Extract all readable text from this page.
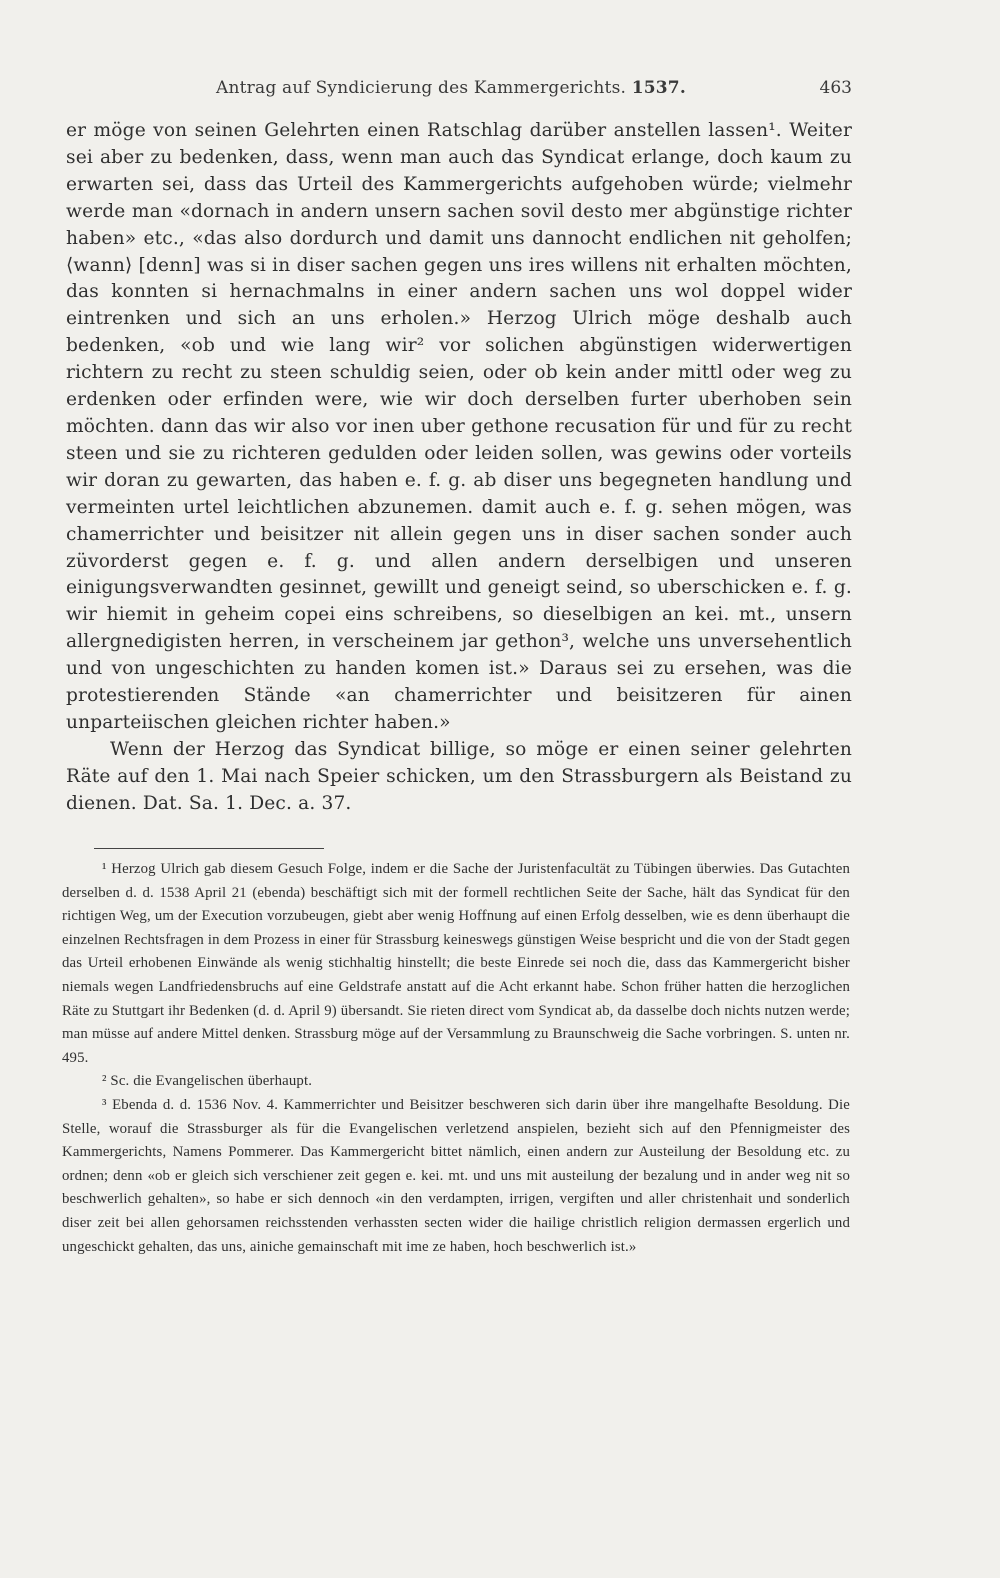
Antrag auf Syndicierung des Kammergerichts. 1537.	463

er möge von seinen Gelehrten einen Ratschlag darüber anstellen lassen¹. Weiter sei aber zu bedenken, dass, wenn man auch das Syndicat erlange, doch kaum zu erwarten sei, dass das Urteil des Kammergerichts aufgehoben würde; vielmehr werde man «dornach in andern unsern sachen sovil desto mer abgünstige richter haben» etc., «das also dordurch und damit uns dannocht endlichen nit geholfen; ⟨wann⟩ [denn] was si in diser sachen gegen uns ires willens nit erhalten möchten, das konnten si hernachmalns in einer andern sachen uns wol doppel wider eintrenken und sich an uns erholen.» Herzog Ulrich möge deshalb auch bedenken, «ob und wie lang wir² vor solichen abgünstigen widerwertigen richtern zu recht zu steen schuldig seien, oder ob kein ander mittl oder weg zu erdenken oder erfinden were, wie wir doch derselben furter uberhoben sein möchten. dann das wir also vor inen uber gethone recusation für und für zu recht steen und sie zu richteren gedulden oder leiden sollen, was gewins oder vorteils wir doran zu gewarten, das haben e. f. g. ab diser uns begegneten handlung und vermeinten urtel leichtlichen abzunemen. damit auch e. f. g. sehen mögen, was chamerrichter und beisitzer nit allein gegen uns in diser sachen sonder auch züvorderst gegen e. f. g. und allen andern derselbigen und unseren einigungsverwandten gesinnet, gewillt und geneigt seind, so uberschicken e. f. g. wir hiemit in geheim copei eins schreibens, so dieselbigen an kei. mt., unsern allergnedigisten herren, in verscheinem jar gethon³, welche uns unversehentlich und von ungeschichten zu handen komen ist.» Daraus sei zu ersehen, was die protestierenden Stände «an chamerrichter und beisitzeren für ainen unparteiischen gleichen richter haben.»

Wenn der Herzog das Syndicat billige, so möge er einen seiner gelehrten Räte auf den 1. Mai nach Speier schicken, um den Strassburgern als Beistand zu dienen. Dat. Sa. 1. Dec. a. 37.

¹ Herzog Ulrich gab diesem Gesuch Folge, indem er die Sache der Juristenfacultät zu Tübingen überwies. Das Gutachten derselben d. d. 1538 April 21 (ebenda) beschäftigt sich mit der formell rechtlichen Seite der Sache, hält das Syndicat für den richtigen Weg, um der Execution vorzubeugen, giebt aber wenig Hoffnung auf einen Erfolg desselben, wie es denn überhaupt die einzelnen Rechtsfragen in dem Prozess in einer für Strassburg keineswegs günstigen Weise bespricht und die von der Stadt gegen das Urteil erhobenen Einwände als wenig stichhaltig hinstellt; die beste Einrede sei noch die, dass das Kammergericht bisher niemals wegen Landfriedensbruchs auf eine Geldstrafe anstatt auf die Acht erkannt habe. Schon früher hatten die herzoglichen Räte zu Stuttgart ihr Bedenken (d. d. April 9) übersandt. Sie rieten direct vom Syndicat ab, da dasselbe doch nichts nutzen werde; man müsse auf andere Mittel denken. Strassburg möge auf der Versammlung zu Braunschweig die Sache vorbringen. S. unten nr. 495.

² Sc. die Evangelischen überhaupt.

³ Ebenda d. d. 1536 Nov. 4. Kammerrichter und Beisitzer beschweren sich darin über ihre mangelhafte Besoldung. Die Stelle, worauf die Strassburger als für die Evangelischen verletzend anspielen, bezieht sich auf den Pfennigmeister des Kammergerichts, Namens Pommerer. Das Kammergericht bittet nämlich, einen andern zur Austeilung der Besoldung etc. zu ordnen; denn «ob er gleich sich verschiener zeit gegen e. kei. mt. und uns mit austeilung der bezalung und in ander weg nit so beschwerlich gehalten», so habe er sich dennoch «in den verdampten, irrigen, vergiften und aller christenhait und sonderlich diser zeit bei allen gehorsamen reichsstenden verhassten secten wider die hailige christlich religion dermassen ergerlich und ungeschickt gehalten, das uns, ainiche gemainschaft mit ime ze haben, hoch beschwerlich ist.»
